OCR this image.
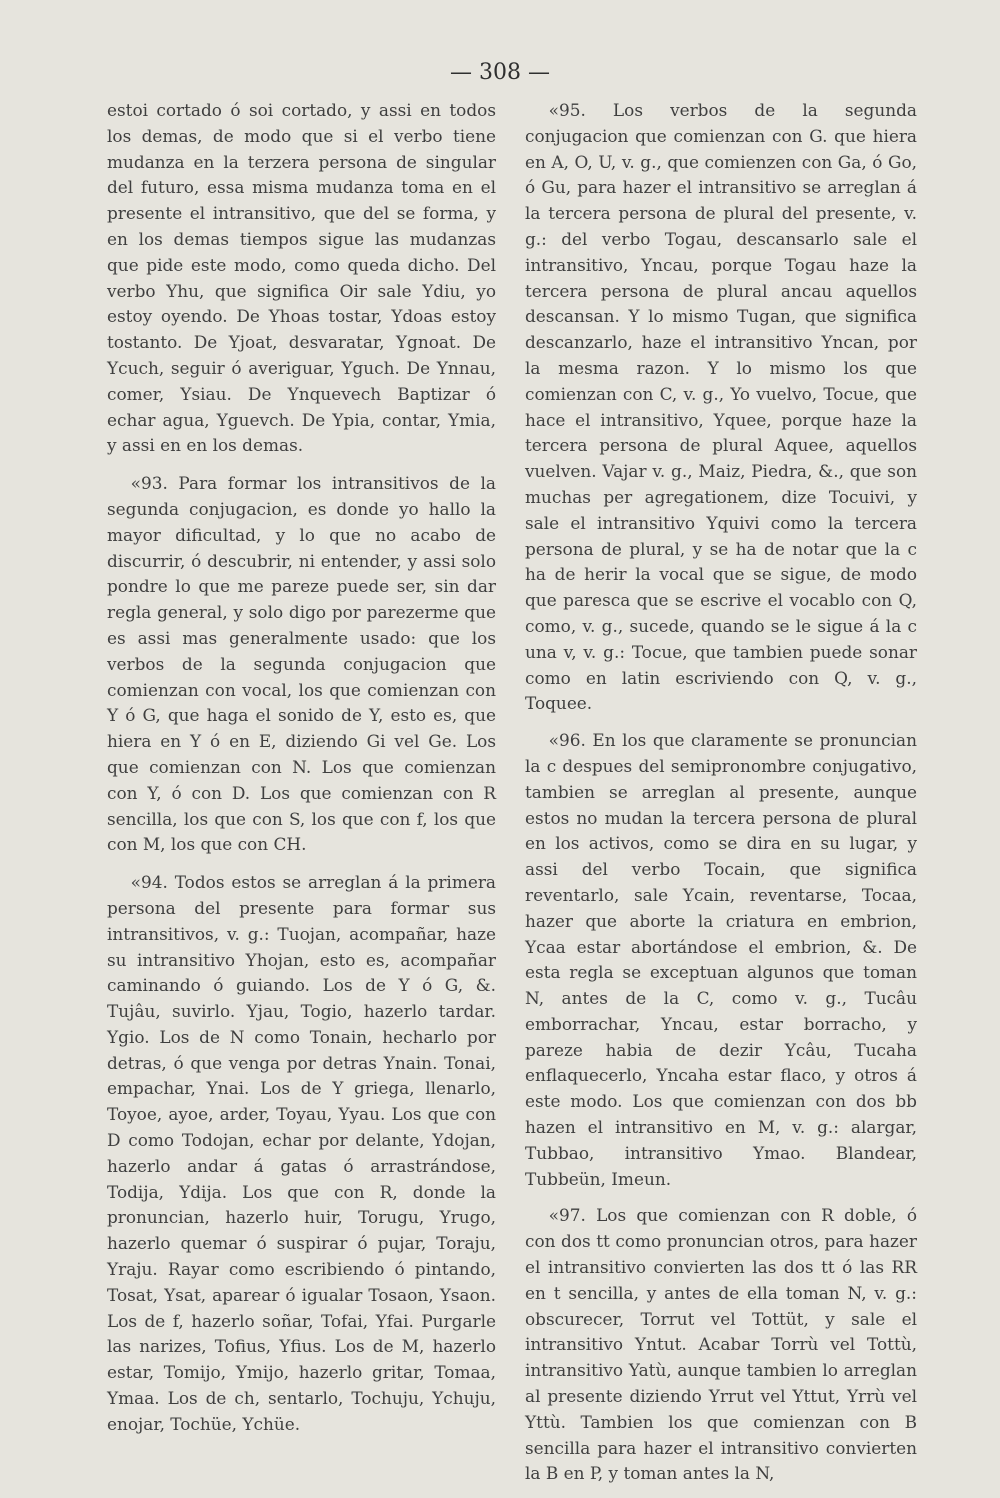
— 308 —

estoi cortado ó soi cortado, y assi en todos los demas, de modo que si el verbo tiene mudanza en la terzera persona de singular del futuro, essa misma mudanza toma en el presente el intransitivo, que del se forma, y en los demas tiempos sigue las mudanzas que pide este modo, como queda dicho. Del verbo Yhu, que significa Oir sale Ydiu, yo estoy oyendo. De Yhoas tostar, Ydoas estoy tostanto. De Yjoat, desvaratar, Ygnoat. De Ycuch, seguir ó averiguar, Yguch. De Ynnau, comer, Ysiau. De Ynquevech Baptizar ó echar agua, Yguevch. De Ypia, contar, Ymia, y assi en en los demas.

«93. Para formar los intransitivos de la segunda conjugacion, es donde yo hallo la mayor dificultad, y lo que no acabo de discurrir, ó descubrir, ni entender, y assi solo pondre lo que me pareze puede ser, sin dar regla general, y solo digo por parezerme que es assi mas generalmente usado: que los verbos de la segunda conjugacion que comienzan con vocal, los que comienzan con Y ó G, que haga el sonido de Y, esto es, que hiera en Y ó en E, diziendo Gi vel Ge. Los que comienzan con N. Los que comienzan con Y, ó con D. Los que comienzan con R sencilla, los que con S, los que con f, los que con M, los que con CH.

«94. Todos estos se arreglan á la primera persona del presente para formar sus intransitivos, v. g.: Tuojan, acompañar, haze su intransitivo Yhojan, esto es, acompañar caminando ó guiando. Los de Y ó G, &. Tujâu, suvirlo. Yjau, Togio, hazerlo tardar. Ygio. Los de N como Tonain, hecharlo por detras, ó que venga por detras Ynain. Tonai, empachar, Ynai. Los de Y griega, llenarlo, Toyoe, ayoe, arder, Toyau, Yyau. Los que con D como Todojan, echar por delante, Ydojan, hazerlo andar á gatas ó arrastrándose, Todija, Ydija. Los que con R, donde la pronuncian, hazerlo huir, Torugu, Yrugo, hazerlo quemar ó suspirar ó pujar, Toraju, Yraju. Rayar como escribiendo ó pintando, Tosat, Ysat, aparear ó igualar Tosaon, Ysaon. Los de f, hazerlo soñar, Tofai, Yfai. Purgarle las narizes, Tofius, Yfius. Los de M, hazerlo estar, Tomijo, Ymijo, hazerlo gritar, Tomaa, Ymaa. Los de ch, sentarlo, Tochuju, Ychuju, enojar, Tochüe, Ychüe.

«95. Los verbos de la segunda conjugacion que comienzan con G. que hiera en A, O, U, v. g., que comienzen con Ga, ó Go, ó Gu, para hazer el intransitivo se arreglan á la tercera persona de plural del presente, v. g.: del verbo Togau, descansarlo sale el intransitivo, Yncau, porque Togau haze la tercera persona de plural ancau aquellos descansan. Y lo mismo Tugan, que significa descanzarlo, haze el intransitivo Yncan, por la mesma razon. Y lo mismo los que comienzan con C, v. g., Yo vuelvo, Tocue, que hace el intransitivo, Yquee, porque haze la tercera persona de plural Aquee, aquellos vuelven. Vajar v. g., Maiz, Piedra, &., que son muchas per agregationem, dize Tocuivi, y sale el intransitivo Yquivi como la tercera persona de plural, y se ha de notar que la c ha de herir la vocal que se sigue, de modo que paresca que se escrive el vocablo con Q, como, v. g., sucede, quando se le sigue á la c una v, v. g.: Tocue, que tambien puede sonar como en latin escriviendo con Q, v. g., Toquee.

«96. En los que claramente se pronuncian la c despues del semipronombre conjugativo, tambien se arreglan al presente, aunque estos no mudan la tercera persona de plural en los activos, como se dira en su lugar, y assi del verbo Tocain, que significa reventarlo, sale Ycain, reventarse, Tocaa, hazer que aborte la criatura en embrion, Ycaa estar abortándose el embrion, &. De esta regla se exceptuan algunos que toman N, antes de la C, como v. g., Tucâu emborrachar, Yncau, estar borracho, y pareze habia de dezir Ycâu, Tucaha enflaquecerlo, Yncaha estar flaco, y otros á este modo. Los que comienzan con dos bb hazen el intransitivo en M, v. g.: alargar, Tubbao, intransitivo Ymao. Blandear, Tubbeün, Imeun.

«97. Los que comienzan con R doble, ó con dos tt como pronuncian otros, para hazer el intransitivo convierten las dos tt ó las RR en t sencilla, y antes de ella toman N, v. g.: obscurecer, Torrut vel Tottüt, y sale el intransitivo Yntut. Acabar Torrù vel Tottù, intransitivo Yatù, aunque tambien lo arreglan al presente diziendo Yrrut vel Yttut, Yrrù vel Yttù. Tambien los que comienzan con B sencilla para hazer el intransitivo convierten la B en P, y toman antes la N,
